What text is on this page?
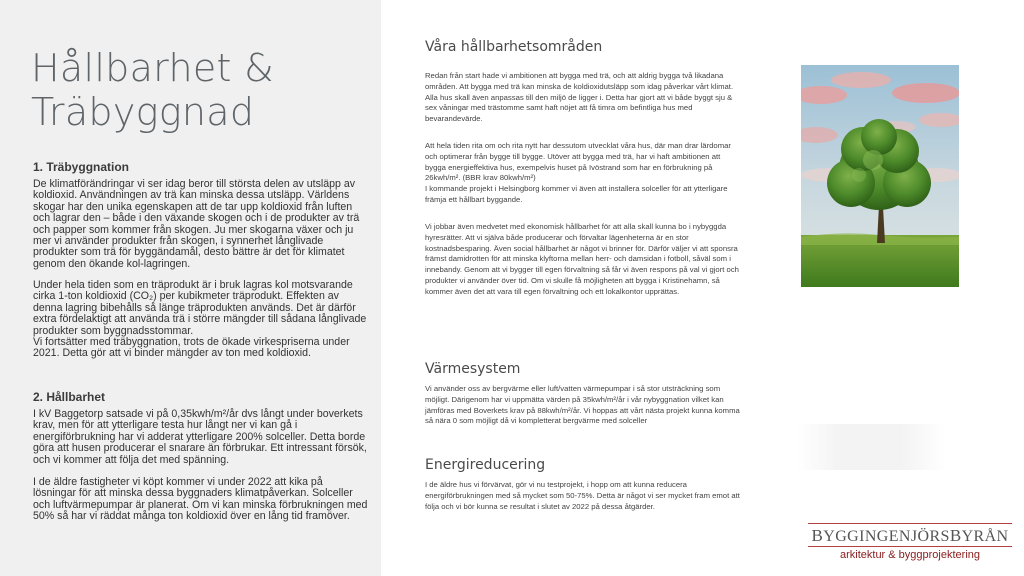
Hållbarhet & Träbyggnad
1. Träbyggnation
De klimatförändringar vi ser idag beror till största delen av utsläpp av koldioxid. Användningen av trä kan minska dessa utsläpp. Världens skogar har den unika egenskapen att de tar upp koldioxid från luften och lagrar den – både i den växande skogen och i de produkter av trä och papper som kommer från skogen. Ju mer skogarna växer och ju mer vi använder produkter från skogen, i synnerhet långlivade produkter som trä för byggändamål, desto bättre är det för klimatet genom den ökande kol-lagringen.
Under hela tiden som en träprodukt är i bruk lagras kol motsvarande cirka 1-ton koldioxid (CO₂) per kubikmeter träprodukt. Effekten av denna lagring bibehålls så länge träprodukten används. Det är därför extra fördelaktigt att använda trä i större mängder till sådana långlivade produkter som byggnadsstommar.
Vi fortsätter med träbyggnation, trots de ökade virkespriserna under 2021. Detta gör att vi binder mängder av ton med koldioxid.
2. Hållbarhet
I kV Baggetorp satsade vi på 0,35kwh/m²/år dvs långt under boverkets krav, men för att ytterligare testa hur långt ner vi kan gå i energiförbrukning har vi adderat ytterligare 200% solceller. Detta borde göra att husen producerar el snarare än förbrukar. Ett intressant försök, och vi kommer att följa det med spänning.
I de äldre fastigheter vi köpt kommer vi under 2022 att kika på lösningar för att minska dessa byggnaders klimatpåverkan. Solceller och luftvärmepumpar är planerat. Om vi kan minska förbrukningen med 50% så har vi räddat många ton koldioxid över en lång tid framöver.
Våra hållbarhetsområden
Redan från start hade vi ambitionen att bygga med trä, och att aldrig bygga två likadana områden. Att bygga med trä kan minska de koldioxidutsläpp som idag påverkar vårt klimat. Alla hus skall även anpassas till den miljö de ligger i. Detta har gjort att vi både byggt sju & sex våningar med trästomme samt haft nöjet att få timra om befintliga hus med bevarandevärde.
Att hela tiden rita om och rita nytt har dessutom utvecklat våra hus, där man drar lärdomar och optimerar från bygge till bygge. Utöver att bygga med trä, har vi haft ambitionen att bygga energieffektiva hus, exempelvis huset på Ivöstrand som har en förbrukning på 26kwh/m². (BBR krav 80kwh/m²)
I kommande projekt i Helsingborg kommer vi även att installera solceller för att ytterligare främja ett hållbart byggande.
Vi jobbar även medvetet med ekonomisk hållbarhet för att alla skall kunna bo i nybyggda hyresrätter. Att vi själva både producerar och förvaltar lägenheterna är en stor kostnadsbesparing. Även social hållbarhet är något vi brinner för. Därför väljer vi att sponsra främst damidrotten för att minska klyftorna mellan herr- och damsidan i fotboll, såväl som i innebandy. Genom att vi bygger till egen förvaltning så får vi även respons på val vi gjort och produkter vi använder över tid. Om vi skulle få möjligheten att bygga i Kristinehamn, så kommer även det att vara till egen förvaltning och ett lokalkontor upprättas.
Värmesystem
Vi använder oss av bergvärme eller luft/vatten värmepumpar i så stor utsträckning som möjligt. Därigenom har vi uppmätta värden på 35kwh/m²/år i vår nybyggnation vilket kan jämföras med Boverkets krav på 88kwh/m²/år. Vi hoppas att vårt nästa projekt kunna komma så nära 0 som möjligt då vi kompletterat bergvärme med solceller
Energireducering
I de äldre hus vi förvärvat, gör vi nu testprojekt, i hopp om att kunna reducera energiförbrukningen med så mycket som 50-75%. Detta är något vi ser mycket fram emot att följa och vi bör kunna se resultat i slutet av 2022 på dessa åtgärder.
BYGGINGENJÖRSBYRÅN
arkitektur & byggprojektering
